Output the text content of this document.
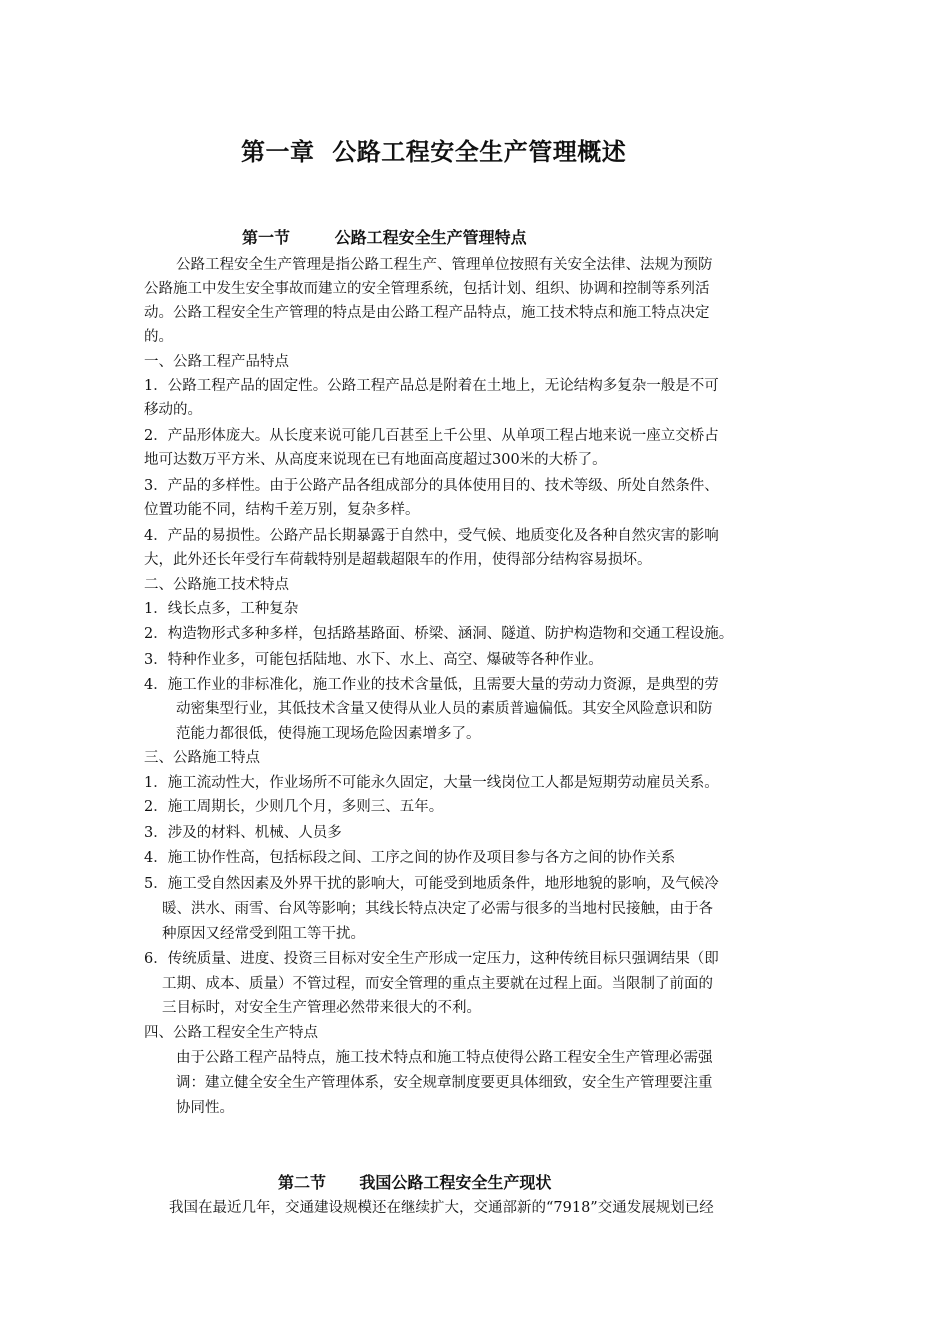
第一章  公路工程安全生产管理概述
第一节        公路工程安全生产管理特点
公路工程安全生产管理是指公路工程生产、管理单位按照有关安全法律、法规为预防
公路施工中发生安全事故而建立的安全管理系统，包括计划、组织、协调和控制等系列活
动。公路工程安全生产管理的特点是由公路工程产品特点，施工技术特点和施工特点决定
的。
一、公路工程产品特点
1．公路工程产品的固定性。公路工程产品总是附着在土地上，无论结构多复杂一般是不可
移动的。
2．产品形体庞大。从长度来说可能几百甚至上千公里、从单项工程占地来说一座立交桥占
地可达数万平方米、从高度来说现在已有地面高度超过300米的大桥了。
3．产品的多样性。由于公路产品各组成部分的具体使用目的、技术等级、所处自然条件、
位置功能不同，结构千差万别，复杂多样。
4．产品的易损性。公路产品长期暴露于自然中，受气候、地质变化及各种自然灾害的影响
大，此外还长年受行车荷载特别是超载超限车的作用，使得部分结构容易损坏。
二、公路施工技术特点
1．线长点多，工种复杂
2．构造物形式多种多样，包括路基路面、桥梁、涵洞、隧道、防护构造物和交通工程设施。
3．特种作业多，可能包括陆地、水下、水上、高空、爆破等各种作业。
4．施工作业的非标准化，施工作业的技术含量低，且需要大量的劳动力资源，是典型的劳
动密集型行业，其低技术含量又使得从业人员的素质普遍偏低。其安全风险意识和防
范能力都很低，使得施工现场危险因素增多了。
三、公路施工特点
1．施工流动性大，作业场所不可能永久固定，大量一线岗位工人都是短期劳动雇员关系。
2．施工周期长，少则几个月，多则三、五年。
3．涉及的材料、机械、人员多
4．施工协作性高，包括标段之间、工序之间的协作及项目参与各方之间的协作关系
5．施工受自然因素及外界干扰的影响大，可能受到地质条件，地形地貌的影响，及气候冷
暖、洪水、雨雪、台风等影响；其线长特点决定了必需与很多的当地村民接触，由于各
种原因又经常受到阻工等干扰。
6．传统质量、进度、投资三目标对安全生产形成一定压力，这种传统目标只强调结果（即
工期、成本、质量）不管过程，而安全管理的重点主要就在过程上面。当限制了前面的
三目标时，对安全生产管理必然带来很大的不利。
四、公路工程安全生产特点
由于公路工程产品特点，施工技术特点和施工特点使得公路工程安全生产管理必需强
调：建立健全安全生产管理体系，安全规章制度要更具体细致，安全生产管理要注重
协同性。
第二节      我国公路工程安全生产现状
我国在最近几年，交通建设规模还在继续扩大，交通部新的“7918”交通发展规划已经
